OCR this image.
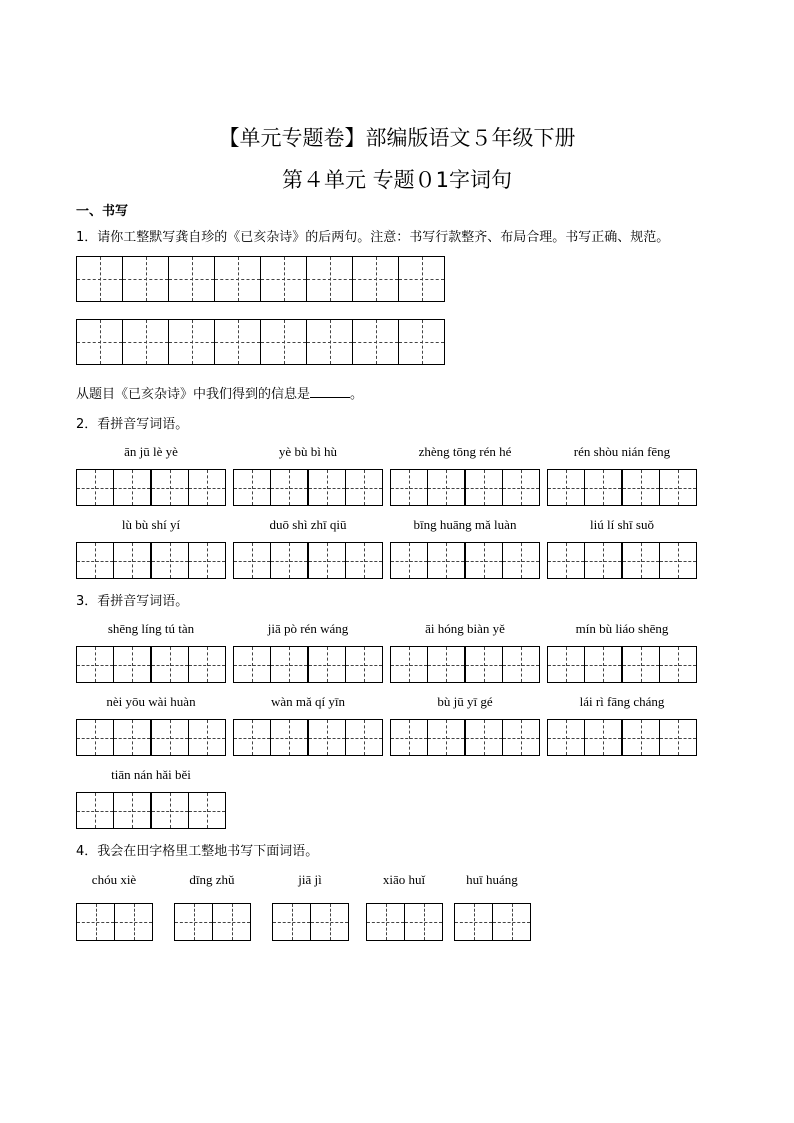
【单元专题卷】部编版语文５年级下册
第４单元 专题０1字词句
一、书写
1．请你工整默写龚自珍的《已亥杂诗》的后两句。注意：书写行款整齐、布局合理。书写正确、规范。
从题目《已亥杂诗》中我们得到的信息是	。
2．看拼音写词语。
ān jū lè yè	yè bù bì hù	zhèng tōng rén hé	rén shòu nián fēng
lù bù shí yí	duō shì zhī qiū	bīng huāng mǎ luàn	liú lí shī suǒ
3．看拼音写词语。
shēng líng tú tàn	jiā pò rén wáng	āi hóng biàn yě	mín bù liáo shēng
nèi yōu wài huàn	wàn mǎ qí yīn	bù jū yī gé	lái rì fāng cháng
tiān nán hǎi běi
4．我会在田字格里工整地书写下面词语。
chóu xiè	dīng zhǔ	jiā jì	xiāo huǐ	huī huáng
